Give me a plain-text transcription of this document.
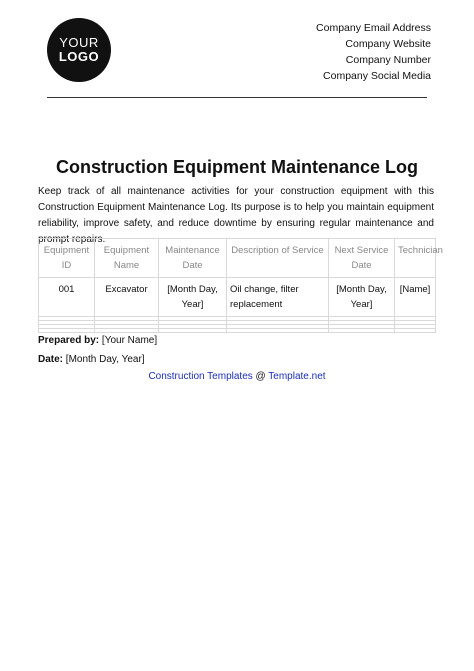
YOUR
LOGO
Company Email Address
Company Website
Company Number
Company Social Media
Construction Equipment Maintenance Log

Keep track of all maintenance activities for your construction equipment with this Construction Equipment Maintenance Log. Its purpose is to help you maintain equipment reliability, improve safety, and reduce downtime by ensuring regular maintenance and prompt repairs.

Equipment ID	Equipment Name	Maintenance Date	Description of Service	Next Service Date	Technician
001	Excavator	[Month Day, Year]	Oil change, filter replacement	[Month Day, Year]	[Name]

Prepared by: [Your Name]
Date: [Month Day, Year]
Construction Templates @ Template.net
